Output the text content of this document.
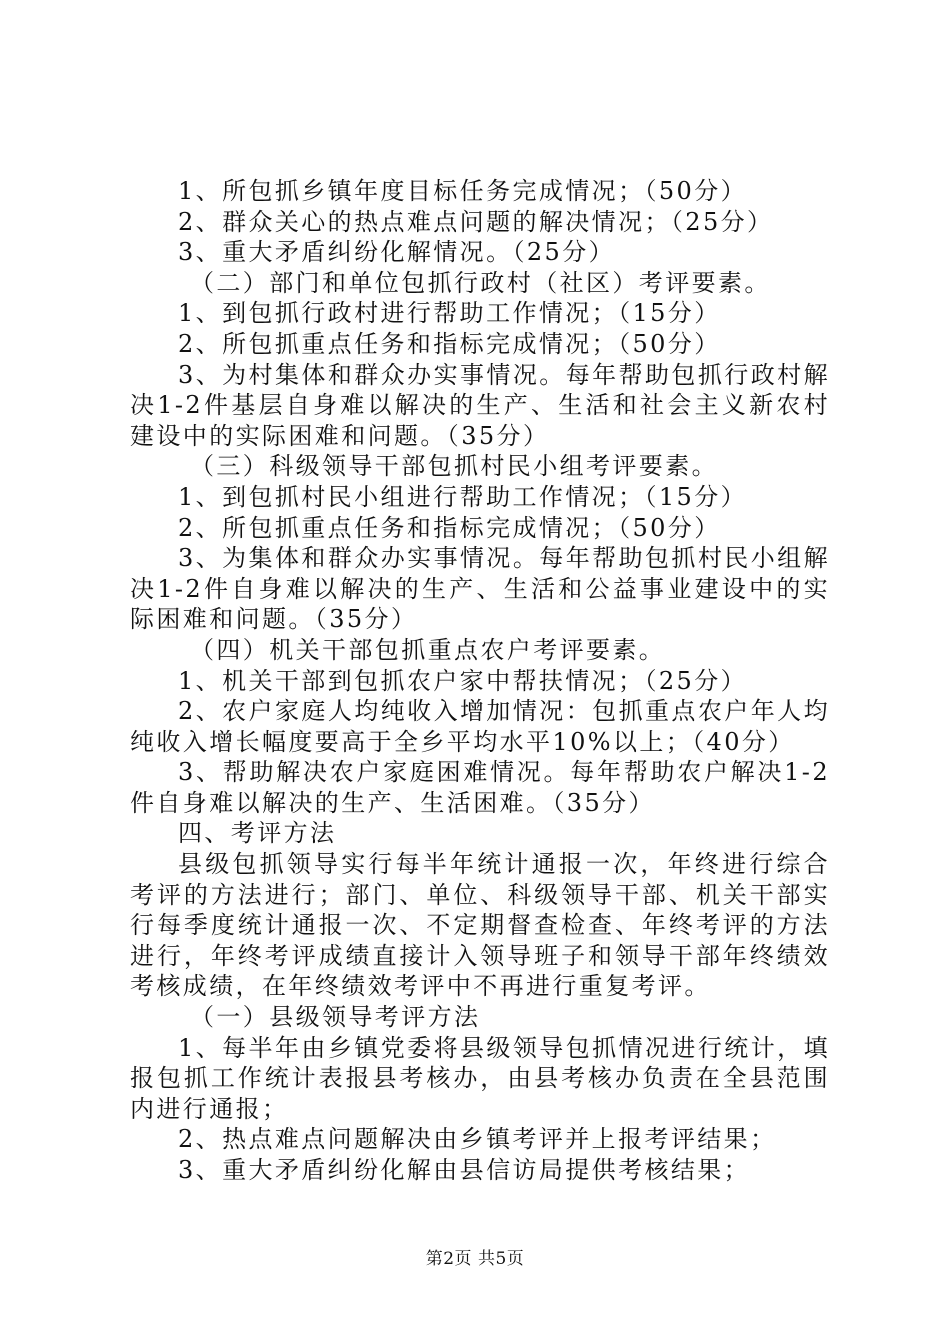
1、所包抓乡镇年度目标任务完成情况；（50分）

2、群众关心的热点难点问题的解决情况；（25分）

3、重大矛盾纠纷化解情况。（25分）

（二）部门和单位包抓行政村（社区）考评要素。

1、到包抓行政村进行帮助工作情况；（15分）

2、所包抓重点任务和指标完成情况；（50分）

3、为村集体和群众办实事情况。每年帮助包抓行政村解决1-2件基层自身难以解决的生产、生活和社会主义新农村建设中的实际困难和问题。（35分）

（三）科级领导干部包抓村民小组考评要素。

1、到包抓村民小组进行帮助工作情况；（15分）

2、所包抓重点任务和指标完成情况；（50分）

3、为集体和群众办实事情况。每年帮助包抓村民小组解决1-2件自身难以解决的生产、生活和公益事业建设中的实际困难和问题。（35分）

（四）机关干部包抓重点农户考评要素。

1、机关干部到包抓农户家中帮扶情况；（25分）

2、农户家庭人均纯收入增加情况：包抓重点农户年人均纯收入增长幅度要高于全乡平均水平10%以上；（40分）

3、帮助解决农户家庭困难情况。每年帮助农户解决1-2件自身难以解决的生产、生活困难。（35分）

四、考评方法

县级包抓领导实行每半年统计通报一次，年终进行综合考评的方法进行；部门、单位、科级领导干部、机关干部实行每季度统计通报一次、不定期督查检查、年终考评的方法进行，年终考评成绩直接计入领导班子和领导干部年终绩效考核成绩，在年终绩效考评中不再进行重复考评。

（一）县级领导考评方法

1、每半年由乡镇党委将县级领导包抓情况进行统计，填报包抓工作统计表报县考核办，由县考核办负责在全县范围内进行通报；

2、热点难点问题解决由乡镇考评并上报考评结果；

3、重大矛盾纠纷化解由县信访局提供考核结果；

第2页 共5页
